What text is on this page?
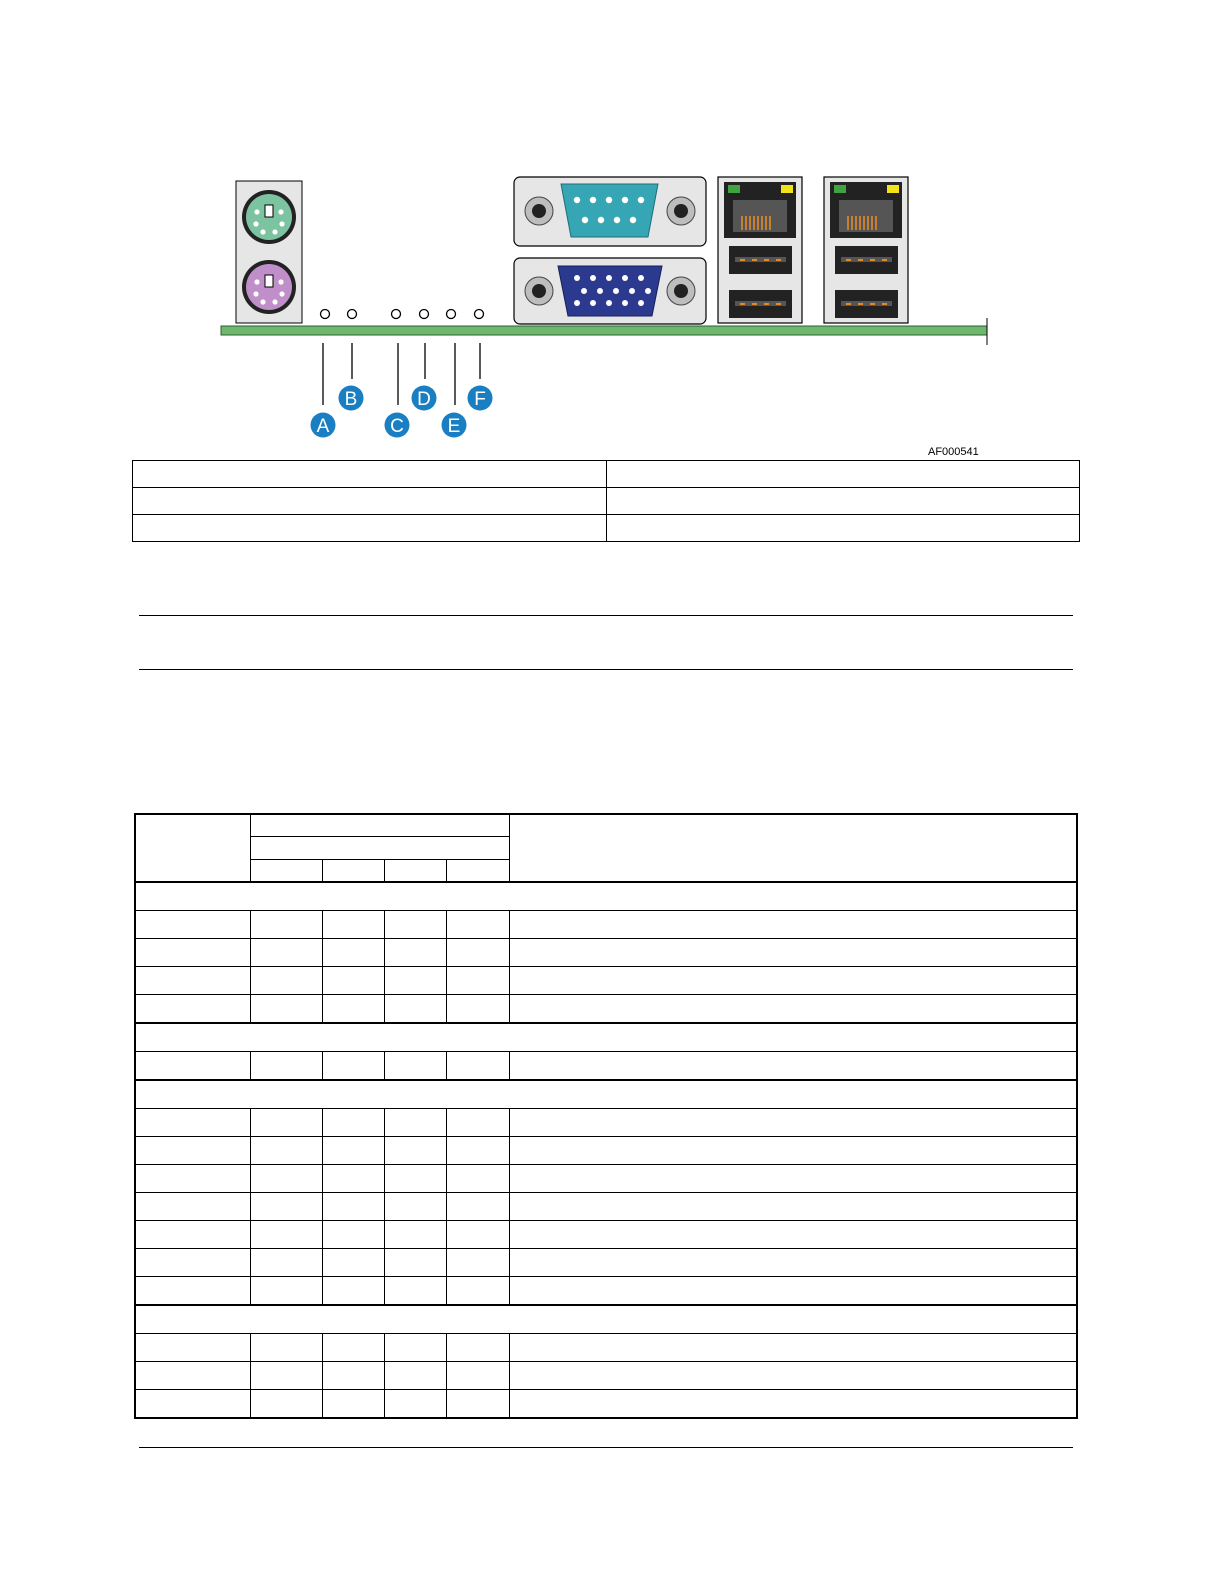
A
B
C
D
E
F
AF000541
